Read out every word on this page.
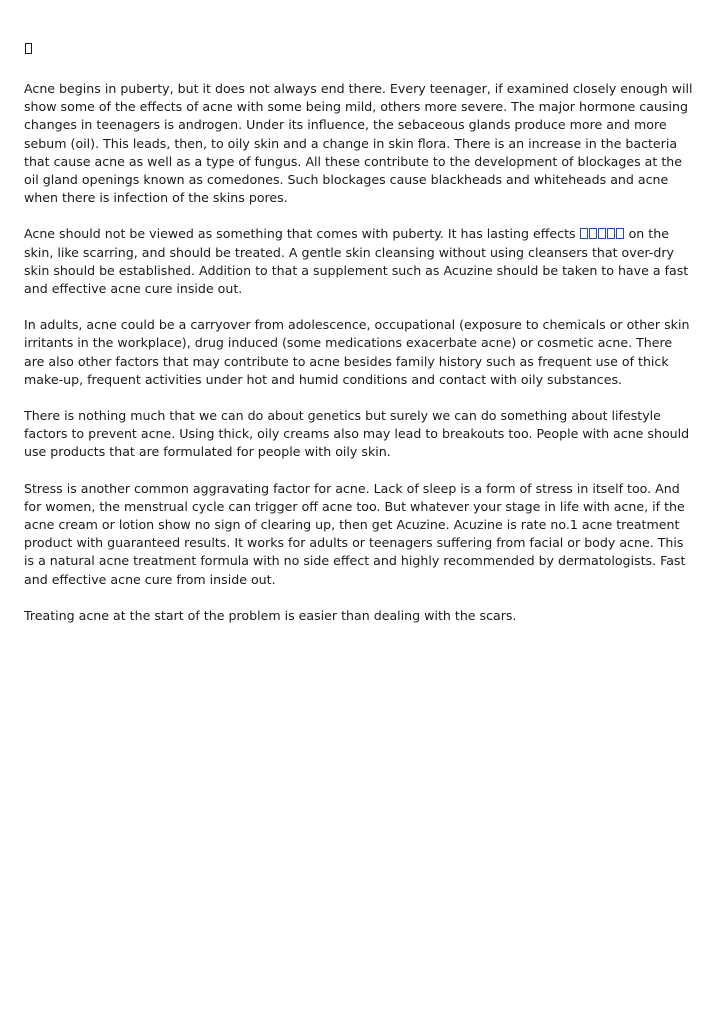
Acne begins in puberty, but it does not always end there. Every teenager, if examined closely enough will show some of the effects of acne with some being mild, others more severe. The major hormone causing changes in teenagers is androgen. Under its influence, the sebaceous glands produce more and more sebum (oil). This leads, then, to oily skin and a change in skin flora. There is an increase in the bacteria that cause acne as well as a type of fungus. All these contribute to the development of blockages at the oil gland openings known as comedones. Such blockages cause blackheads and whiteheads and acne when there is infection of the skins pores.

Acne should not be viewed as something that comes with puberty. It has lasting effects	on the skin, like scarring, and should be treated. A gentle skin cleansing without using cleansers that over-dry skin should be established. Addition to that a supplement such as Acuzine should be taken to have a fast and effective acne cure inside out.

In adults, acne could be a carryover from adolescence, occupational (exposure to chemicals or other skin irritants in the workplace), drug induced (some medications exacerbate acne) or cosmetic acne. There are also other factors that may contribute to acne besides family history such as frequent use of thick make-up, frequent activities under hot and humid conditions and contact with oily substances.

There is nothing much that we can do about genetics but surely we can do something about lifestyle factors to prevent acne. Using thick, oily creams also may lead to breakouts too. People with acne should use products that are formulated for people with oily skin.

Stress is another common aggravating factor for acne. Lack of sleep is a form of stress in itself too. And for women, the menstrual cycle can trigger off acne too. But whatever your stage in life with acne, if the acne cream or lotion show no sign of clearing up, then get Acuzine. Acuzine is rate no.1 acne treatment product with guaranteed results. It works for adults or teenagers suffering from facial or body acne. This is a natural acne treatment formula with no side effect and highly recommended by dermatologists. Fast and effective acne cure from inside out.

Treating acne at the start of the problem is easier than dealing with the scars.
